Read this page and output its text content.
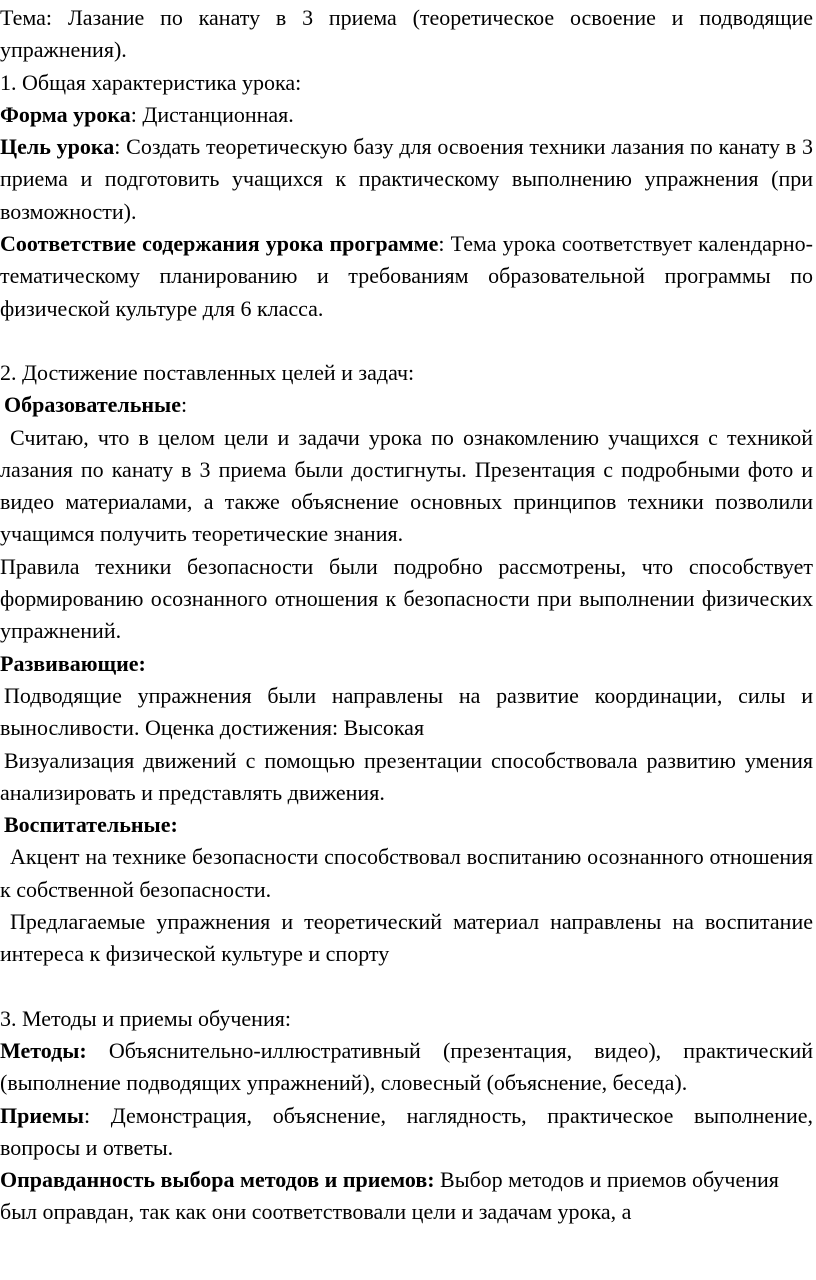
Тема: Лазание по канату в 3 приема (теоретическое освоение и подводящие упражнения).

1. Общая характеристика урока:

Форма урока: Дистанционная.

Цель урока: Создать теоретическую базу для освоения техники лазания по канату в 3 приема и подготовить учащихся к практическому выполнению упражнения (при возможности).

Соответствие содержания урока программе: Тема урока соответствует календарно-тематическому планированию и требованиям образовательной программы по физической культуре для 6 класса.

2. Достижение поставленных целей и задач:

Образовательные:

Считаю, что в целом цели и задачи урока по ознакомлению учащихся с техникой лазания по канату в 3 приема были достигнуты. Презентация с подробными фото и видео материалами, а также объяснение основных принципов техники позволили учащимся получить теоретические знания.

Правила техники безопасности были подробно рассмотрены, что способствует формированию осознанного отношения к безопасности при выполнении физических упражнений.

Развивающие:

Подводящие упражнения были направлены на развитие координации, силы и выносливости. Оценка достижения: Высокая

Визуализация движений с помощью презентации способствовала развитию умения анализировать и представлять движения.

Воспитательные:

Акцент на технике безопасности способствовал воспитанию осознанного отношения к собственной безопасности.

Предлагаемые упражнения и теоретический материал направлены на воспитание интереса к физической культуре и спорту

3. Методы и приемы обучения:

Методы: Объяснительно-иллюстративный (презентация, видео), практический (выполнение подводящих упражнений), словесный (объяснение, беседа).

Приемы: Демонстрация, объяснение, наглядность, практическое выполнение, вопросы и ответы.

Оправданность выбора методов и приемов: Выбор методов и приемов обучения был оправдан, так как они соответствовали цели и задачам урока, а
